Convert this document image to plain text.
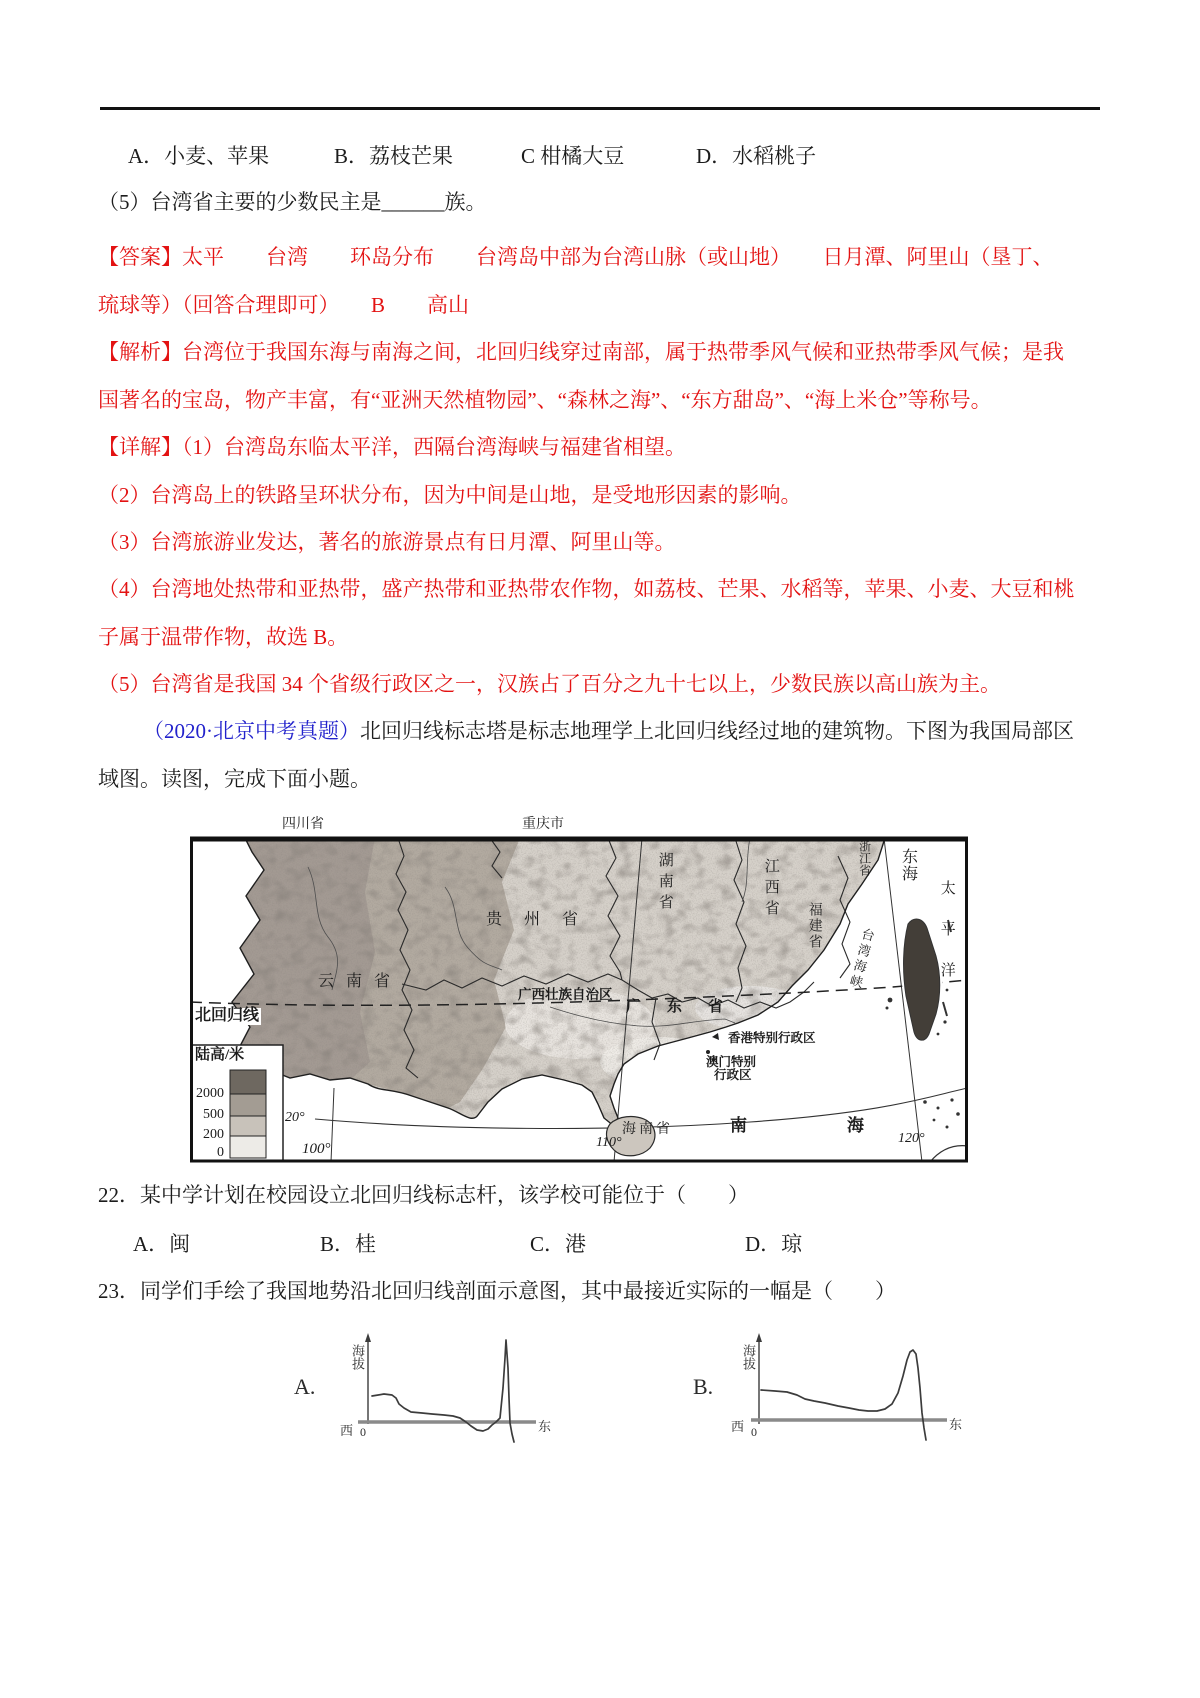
A．小麦、苹果	B．荔枝芒果	C 柑橘大豆	D．水稻桃子
（5）台湾省主要的少数民主是______族。
【答案】太平　　台湾　　环岛分布　　台湾岛中部为台湾山脉（或山地）　　日月潭、阿里山（垦丁、
琉球等）（回答合理即可）　　B　　高山
【解析】台湾位于我国东海与南海之间，北回归线穿过南部，属于热带季风气候和亚热带季风气候；是我
国著名的宝岛，物产丰富，有“亚洲天然植物园”、“森林之海”、“东方甜岛”、“海上米仓”等称号。
【详解】（1）台湾岛东临太平洋，西隔台湾海峡与福建省相望。
（2）台湾岛上的铁路呈环状分布，因为中间是山地，是受地形因素的影响。
（3）台湾旅游业发达，著名的旅游景点有日月潭、阿里山等。
（4）台湾地处热带和亚热带，盛产热带和亚热带农作物，如荔枝、芒果、水稻等，苹果、小麦、大豆和桃
子属于温带作物，故选 B。
（5）台湾省是我国 34 个省级行政区之一，汉族占了百分之九十七以上，少数民族以高山族为主。
（2020·北京中考真题）北回归线标志塔是标志地理学上北回归线经过地的建筑物。下图为我国局部区
域图。读图，完成下面小题。
四川省	重庆市
贵州省
云南省
湖南省	江西省	浙江省
福建省
广东省
广西壮族自治区
海南省
香港特别行政区
澳门特别
行政区
东海
南海
太平洋
台湾海峡
北回归线
陆高/米
2000
500
200
0
20°
100°	110°	120°
22．某中学计划在校园设立北回归线标志杆，该学校可能位于（　　）
A．闽	B．桂	C．港	D．琼
23．同学们手绘了我国地势沿北回归线剖面示意图，其中最接近实际的一幅是（　　）
A.
海拔
西 0	东
B.
海拔
西 0	东
